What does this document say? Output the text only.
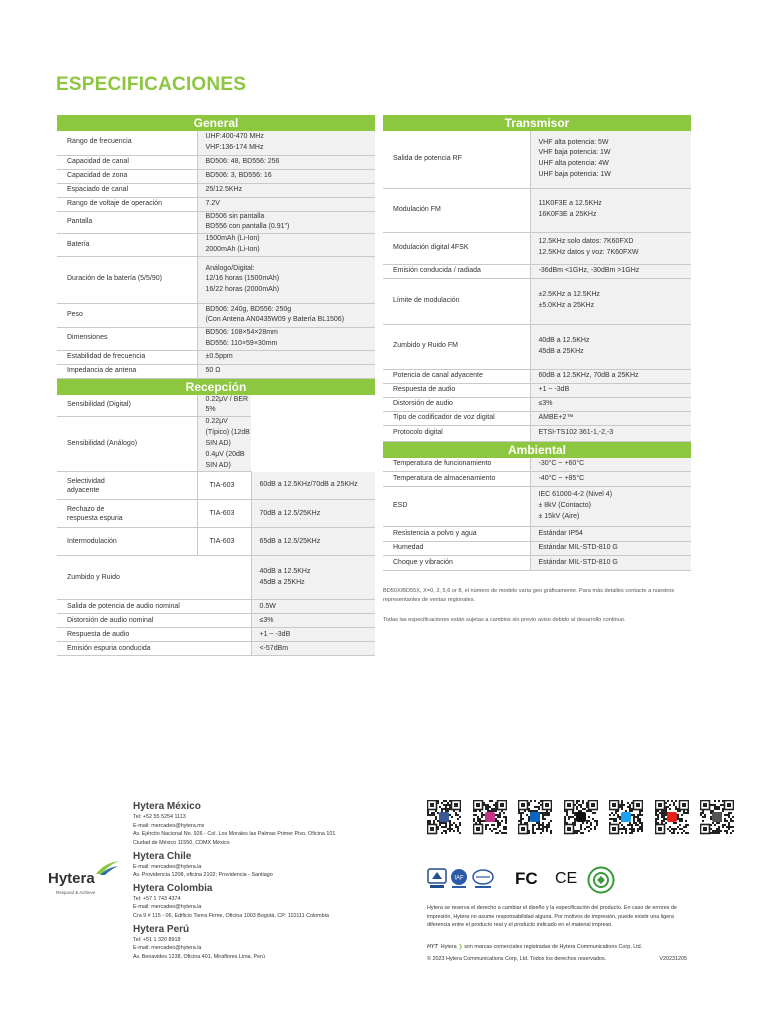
ESPECIFICACIONES
General
Rango de frecuencia	UHF:400-470 MHz
VHF:136-174 MHz

Capacidad de canal	BD506: 48, BD556: 256

Capacidad de zona	BD506: 3, BD556: 16

Espaciado de canal	25/12.5KHz

Rango de voltaje de operación	7.2V

Pantalla	BD506 sin pantalla
BD556 con pantalla (0.91")

Batería	1500mAh (Li-Ion)
2000mAh (Li-Ion)

Duración de la batería (5/5/90)	Análogo/Digital:
12/16 horas (1500mAh)
16/22 horas (2000mAh)

Peso	BD506: 240g, BD556: 250g
(Con Antena AN0435W09 y Batería BL1506)

Dimensiones	BD506: 108×54×28mm
BD556: 110×59×30mm

Estabilidad de frecuencia	±0.5ppm

Impedancia de antena	50 Ω
Recepción
Sensibilidad (Digital)	0.22μV / BER 5%	

Sensibilidad (Análogo)	0.22μV (Típico) (12dB SIN AD)
0.4μV (20dB SIN AD)	

Selectividad
adyacente	TIA-603	60dB a 12.5KHz/70dB a 25KHz

Rechazo de
respuesta espuria	TIA-603	70dB a 12.5/25KHz

Intermodulación	TIA-603	65dB a 12.5/25KHz

Zumbido y Ruido		40dB a 12.5KHz
45dB a 25KHz

Salida de potencia de audio nominal		0.5W

Distorsión de audio nominal		≤3%

Respuesta de audio		+1 ~ -3dB

Emisión espuria conducida		<-57dBm
Transmisor
Salida de potencia RF	VHF alta potencia: 5W
VHF baja potencia: 1W
UHF alta potencia: 4W
UHF baja potencia: 1W

Modulación FM	11K0F3E a 12.5KHz
16K0F3E a 25KHz

Modulación digital 4FSK	12.5KHz solo datos: 7K60FXD
12.5KHz datos y voz: 7K60FXW

Emisión conducida / radiada	-36dBm <1GHz, -30dBm >1GHz

Límite de modulación	±2.5KHz a 12.5KHz
±5.0KHz a 25KHz

Zumbido y Ruido FM	40dB a 12.5KHz
45dB a 25KHz

Potencia de canal adyacente	60dB a 12.5KHz, 70dB a 25KHz

Respuesta de audio	+1 ~ -3dB

Distorsión de audio	≤3%

Tipo de codificador de voz digital	AMBE+2™

Protocolo digital	ETSI-TS102 361-1,-2,-3
Ambiental
Temperatura de funcionamiento	-30°C ~ +60°C

Temperatura de almacenamiento	-40°C ~ +85°C

ESD	IEC 61000-4-2 (Nivel 4)
± 8kV (Contacto)
± 15kV (Aire)

Resistencia a polvo y agua	Estándar IP54

Humedad	Estándar MIL-STD-810 G

Choque y vibración	Estándar MIL-STD-810 G
BD50X/BD55X, X=0, 2, 5,6 or 8, el número de modelo varía geo gráficamente. Para más detalles contacte a nuestros representantes de ventas regionales.
Todas las especificaciones están sujetas a cambios sin previo aviso debido al desarrollo continuo.
Hytera
Respond & Achieve
Hytera México
Tel: +52 55 5254 1113
E-mail: mercadeo@hytera.mx
Av. Ejército Nacional No. 926 - Col. Los Morales las Palmas Primer Piso, Oficina 101
Ciudad de México 11550, CDMX México
Hytera Chile
E-mail: mercadeo@hytera.la
Av. Providencia 1208, oficina 2102; Providencia - Santiago
Hytera Colombia
Tel: +57 1 743 4374
E-mail: mercadeo@hytera.la
Cra 9 # 115 - 06, Edificio Tierra Firme, Oficina 1003 Bogotá, CP: 110111 Colombia
Hytera Perú
Tel: +51 1 320 8918
E-mail: mercadeo@hytera.la
Av. Benavides 1238, Oficina 401, Miraflores Lima, Perú
IAF	FC CE
Hytera se reserva el derecho a cambiar el diseño y la especificación del producto. En caso de errores de impresión, Hytera no asume responsabilidad alguna. Por motivos de impresión, puede existir una ligera diferencia entre el producto real y el producto indicado en el material impreso.
HYT Hytera ❯ son marcas comerciales registradas de Hytera Communications Corp, Ltd.
© 2023 Hytera Communications Corp, Ltd. Todos los derechos reservados.	V20231205
